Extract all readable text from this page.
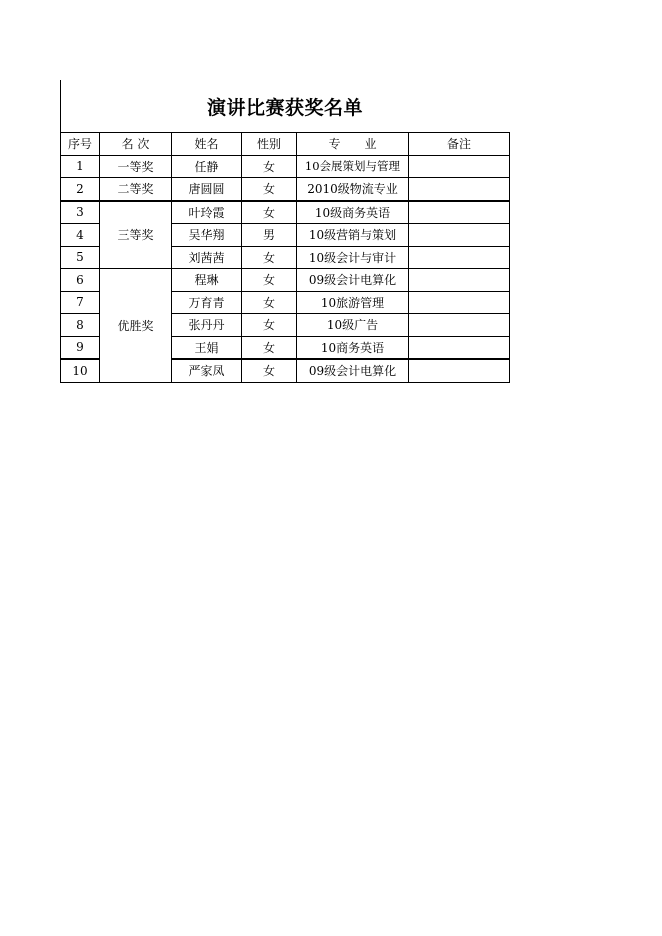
演讲比赛获奖名单
序号	名 次	姓名	性别	专　　业	备注
1	一等奖	任静	女	10会展策划与管理	
2	二等奖	唐圆圆	女	2010级物流专业	
3	三等奖	叶玲霞	女	10级商务英语	
4		吴华翔	男	10级营销与策划	
5		刘茜茜	女	10级会计与审计	
6	优胜奖	程琳	女	09级会计电算化	
7		万育青	女	10旅游管理	
8		张丹丹	女	10级广告	
9		王娟	女	10商务英语	
10		严家凤	女	09级会计电算化	
